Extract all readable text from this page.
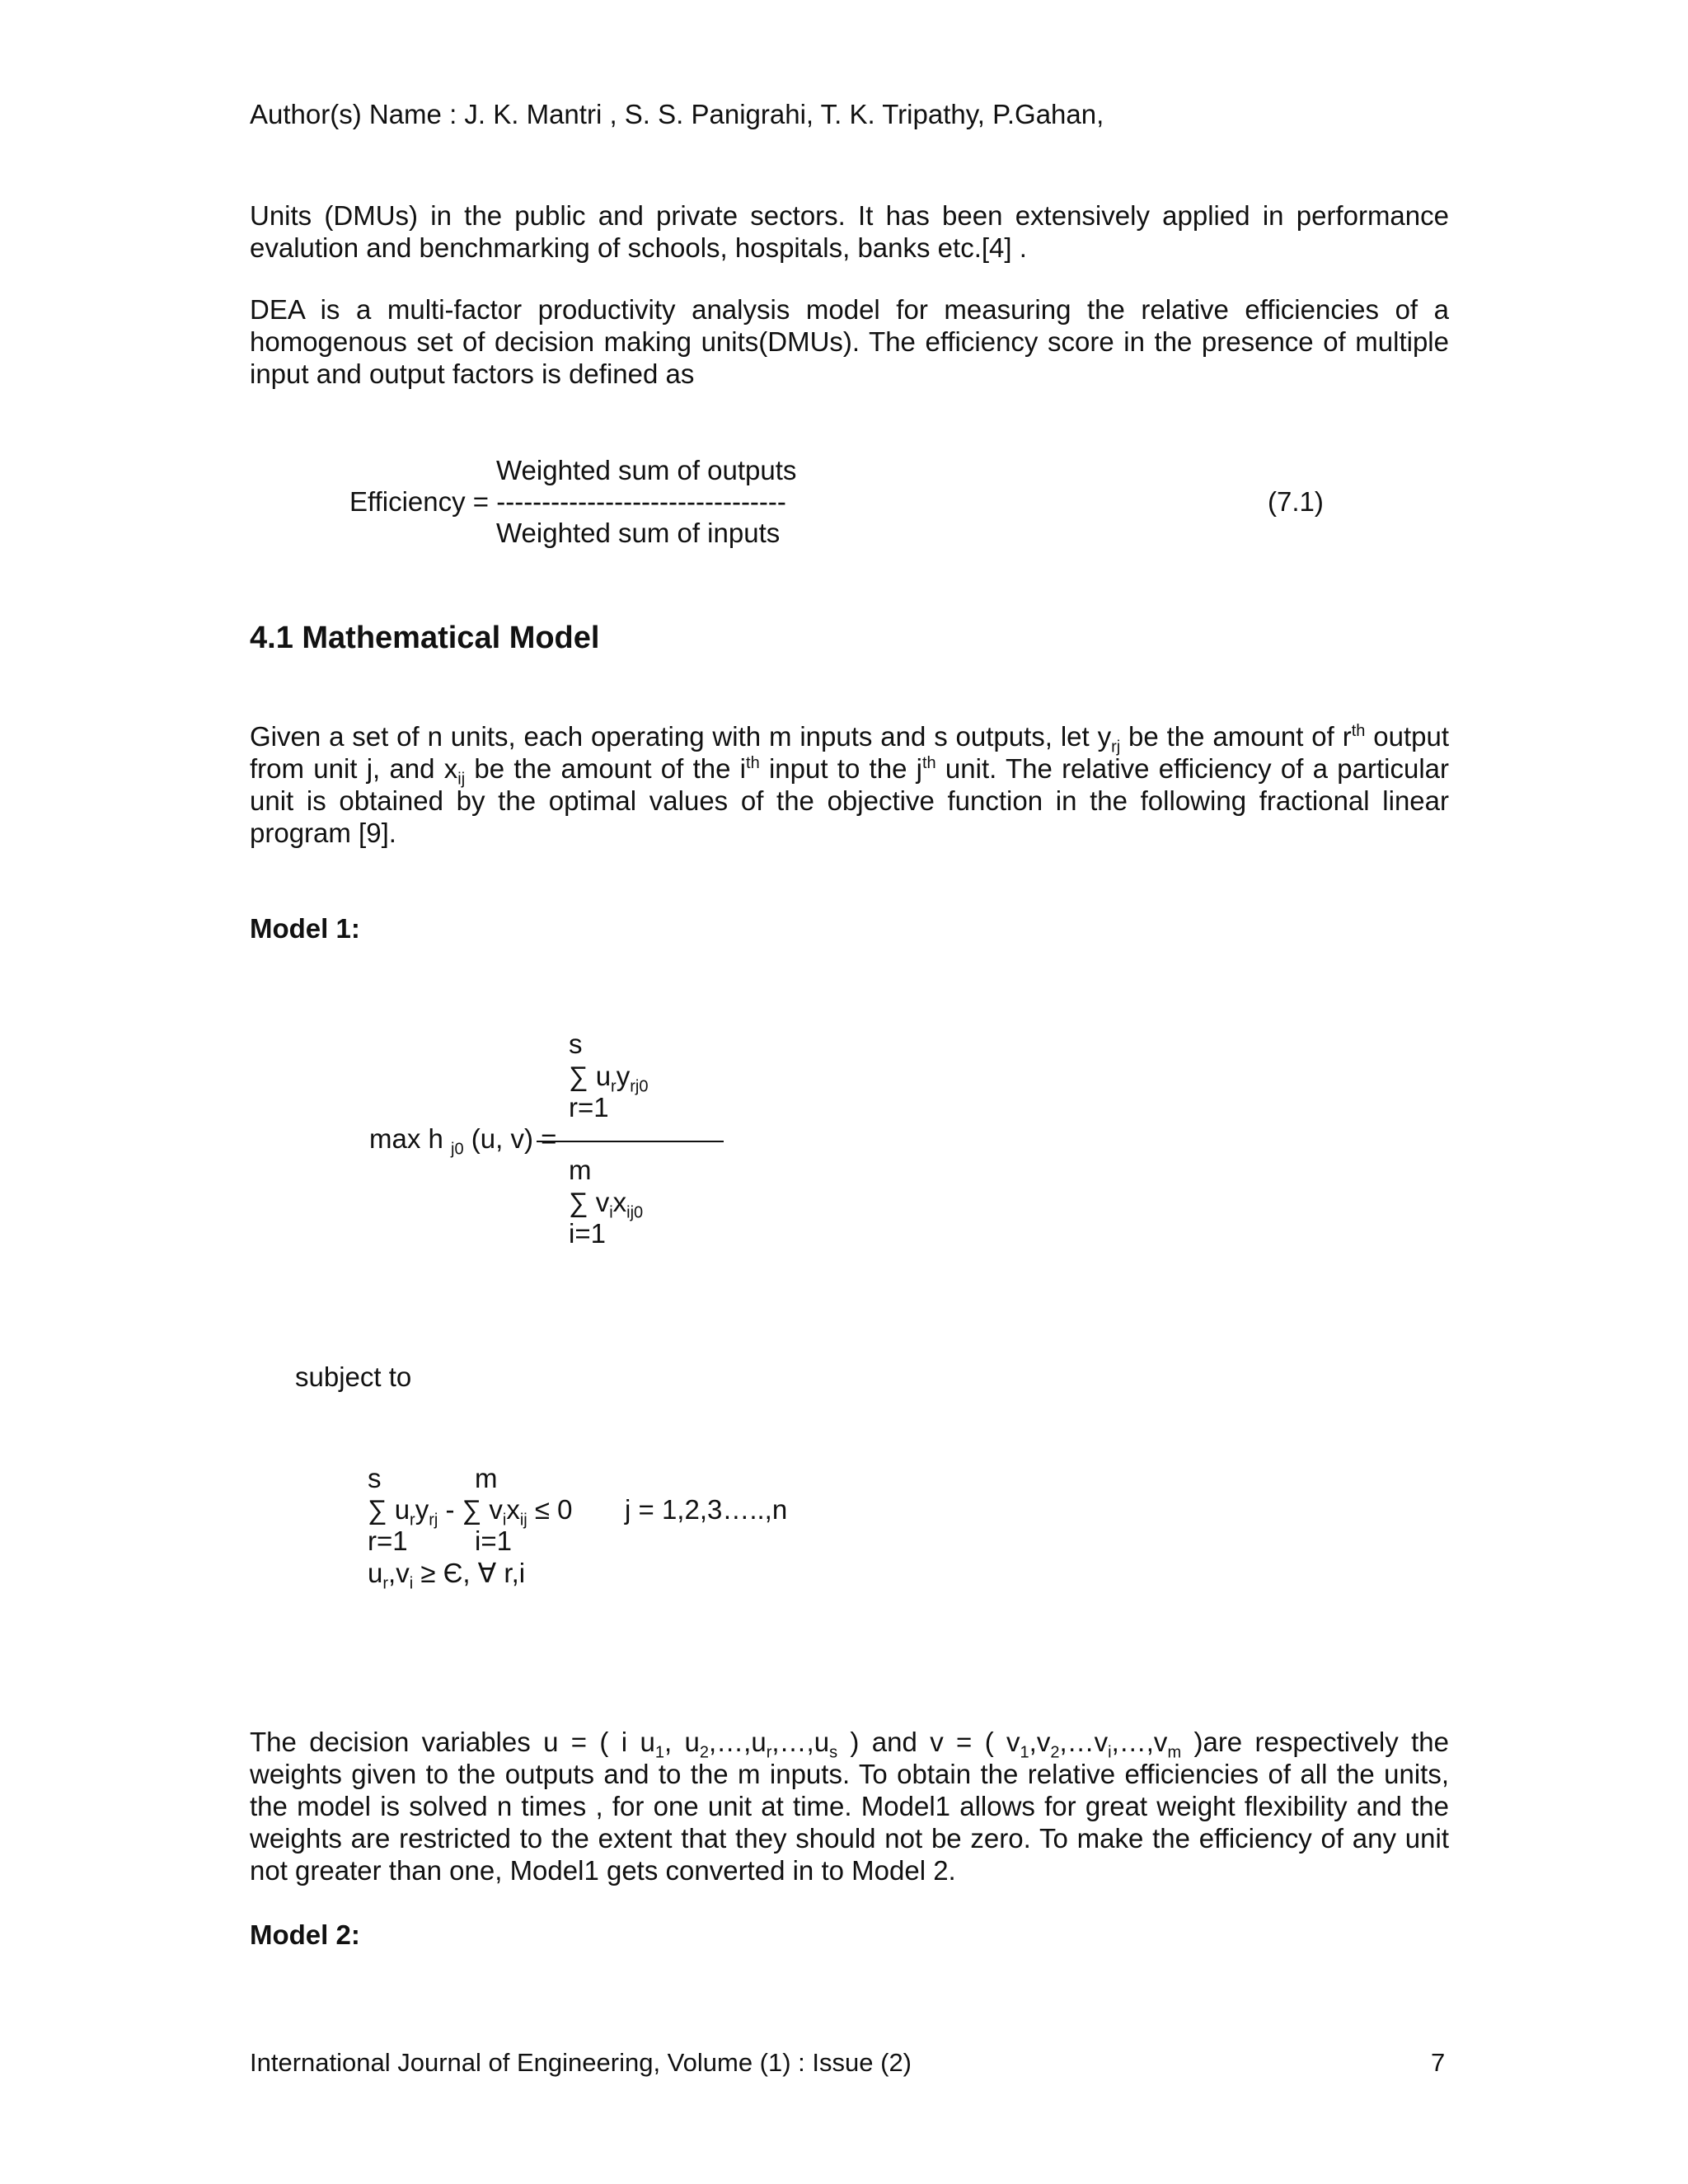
Author(s) Name : J. K. Mantri , S. S. Panigrahi, T. K. Tripathy, P.Gahan,

Units (DMUs) in the public and private sectors. It has been extensively applied in performance evalution and benchmarking of schools, hospitals, banks etc.[4] .

DEA is a multi-factor productivity analysis model for measuring the relative efficiencies of a homogenous set of decision making units(DMUs). The efficiency score in the presence of multiple input and output factors is defined as

Weighted sum of outputs
Efficiency = --------------------------------
Weighted sum of inputs
(7.1)
4.1 Mathematical Model

Given a set of n units, each operating with m inputs and s outputs, let $y_{rj}$ be the amount of $r^{th}$ output from unit j, and $x_{ij}$ be the amount of the $i^{th}$ input to the $j^{th}$ unit. The relative efficiency of a particular unit is obtained by the optimal values of the objective function in the following fractional linear program [9].

Model 1:
s
∑ $u_ry_{rj0}$
r=1
max h $_{j0}$ (u, v) =
m
∑ $v_ix_{ij0}$
i=1
subject to
s	m
∑ $u_ry_{rj}$ - ∑ $v_ix_{ij} \le 0$ j = 1,2,3…..,n
r=1 i=1
$u_r,v_i \ge Є$, ∀ r,i

The decision variables u = ( i $u_1$, $u_2,\dots,u_r,\dots,u_s$ ) and v = ( $v_1,v_2,\dots v_i,\dots,v_m$ )are respectively the weights given to the outputs and to the m inputs. To obtain the relative efficiencies of all the units, the model is solved n times , for one unit at time. Model1 allows for great weight flexibility and the weights are restricted to the extent that they should not be zero. To make the efficiency of any unit not greater than one, Model1 gets converted in to Model 2.

Model 2:
International Journal of Engineering, Volume (1) : Issue (2)	7
